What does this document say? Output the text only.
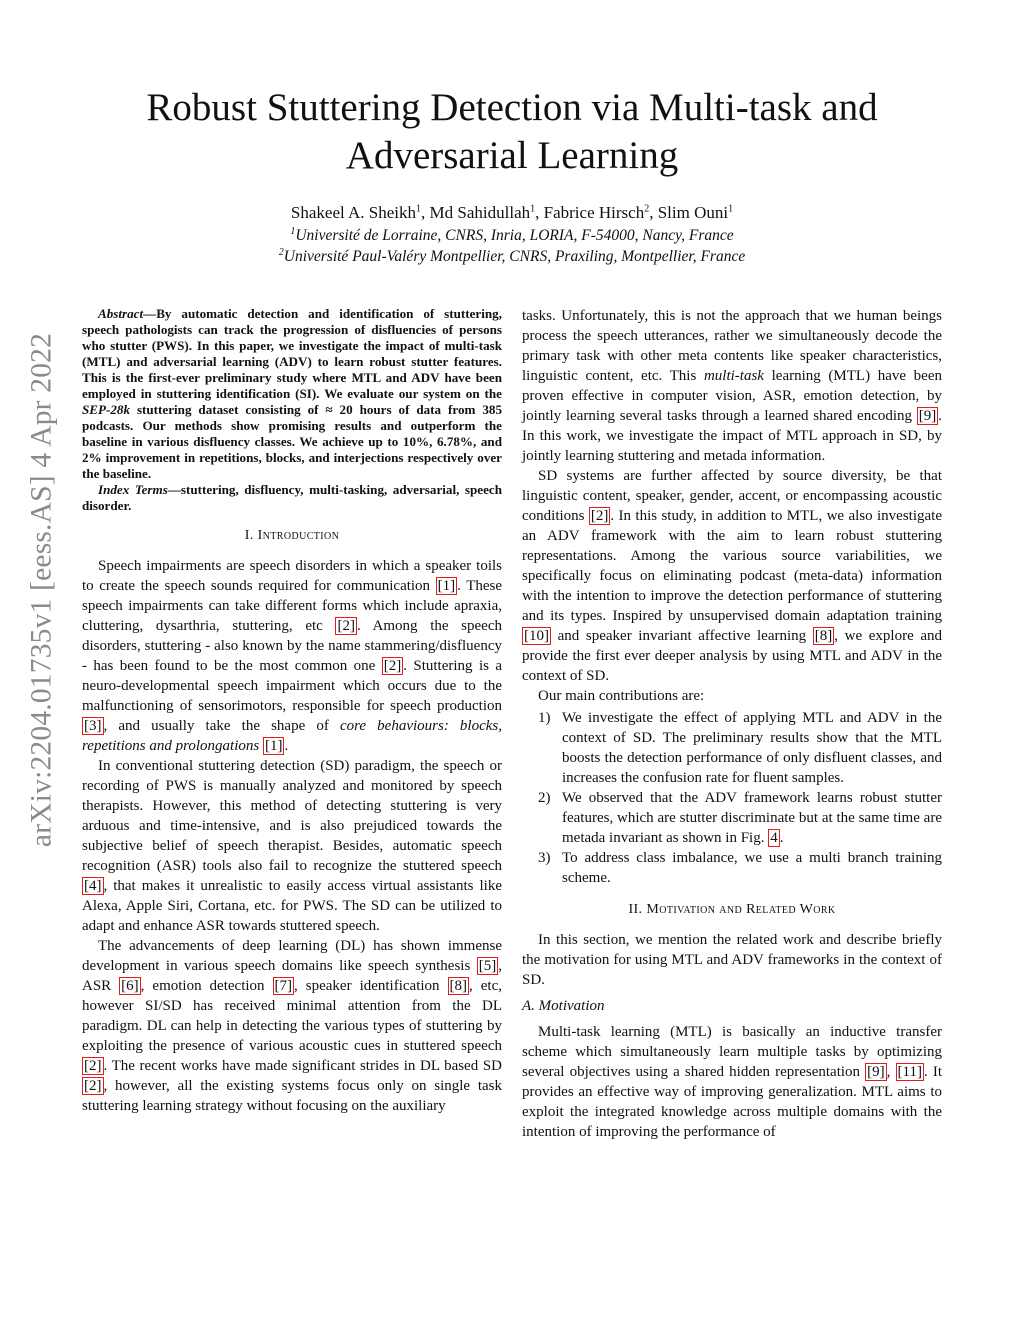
arXiv:2204.01735v1 [eess.AS] 4 Apr 2022
Robust Stuttering Detection via Multi-task and
Adversarial Learning
Shakeel A. Sheikh$^1$, Md Sahidullah$^1$, Fabrice Hirsch$^2$, Slim Ouni$^1$
$^1$Université de Lorraine, CNRS, Inria, LORIA, F-54000, Nancy, France
$^2$Université Paul-Valéry Montpellier, CNRS, Praxiling, Montpellier, France

Abstract—By automatic detection and identification of stuttering, speech pathologists can track the progression of disfluencies of persons who stutter (PWS). In this paper, we investigate the impact of multi-task (MTL) and adversarial learning (ADV) to learn robust stutter features. This is the first-ever preliminary study where MTL and ADV have been employed in stuttering identification (SI). We evaluate our system on the SEP-28k stuttering dataset consisting of ≈ 20 hours of data from 385 podcasts. Our methods show promising results and outperform the baseline in various disfluency classes. We achieve up to 10%, 6.78%, and 2% improvement in repetitions, blocks, and interjections respectively over the baseline.

Index Terms—stuttering, disfluency, multi-tasking, adversarial, speech disorder.

I. Introduction

Speech impairments are speech disorders in which a speaker toils to create the speech sounds required for communication [1] . These speech impairments can take different forms which include apraxia, cluttering, dysarthria, stuttering, etc [2] . Among the speech disorders, stuttering - also known by the name stammering/disfluency - has been found to be the most common one [2] . Stuttering is a neuro-developmental speech impairment which occurs due to the malfunctioning of sensorimotors, responsible for speech production [3] , and usually take the shape of core behaviours: blocks, repetitions and prolongations [1] .

In conventional stuttering detection (SD) paradigm, the speech or recording of PWS is manually analyzed and monitored by speech therapists. However, this method of detecting stuttering is very arduous and time-intensive, and is also prejudiced towards the subjective belief of speech therapist. Besides, automatic speech recognition (ASR) tools also fail to recognize the stuttered speech [4] , that makes it unrealistic to easily access virtual assistants like Alexa, Apple Siri, Cortana, etc. for PWS. The SD can be utilized to adapt and enhance ASR towards stuttered speech.

The advancements of deep learning (DL) has shown immense development in various speech domains like speech synthesis [5] , ASR [6] , emotion detection [7] , speaker identification [8] , etc, however SI/SD has received minimal attention from the DL paradigm. DL can help in detecting the various types of stuttering by exploiting the presence of various acoustic cues in stuttered speech [2] . The recent works have made significant strides in DL based SD [2] , however, all the existing systems focus only on single task stuttering learning strategy without focusing on the auxiliary

tasks. Unfortunately, this is not the approach that we human beings process the speech utterances, rather we simultaneously decode the primary task with other meta contents like speaker characteristics, linguistic content, etc. This multi-task learning (MTL) have been proven effective in computer vision, ASR, emotion detection, by jointly learning several tasks through a learned shared encoding [9] . In this work, we investigate the impact of MTL approach in SD, by jointly learning stuttering and metada information.

SD systems are further affected by source diversity, be that linguistic content, speaker, gender, accent, or encompassing acoustic conditions [2] . In this study, in addition to MTL, we also investigate an ADV framework with the aim to learn robust stuttering representations. Among the various source variabilities, we specifically focus on eliminating podcast (meta-data) information with the intention to improve the detection performance of stuttering and its types. Inspired by unsupervised domain adaptation training [10] and speaker invariant affective learning [8] , we explore and provide the first ever deeper analysis by using MTL and ADV in the context of SD.

Our main contributions are:

1) We investigate the effect of applying MTL and ADV in the context of SD. The preliminary results show that the MTL boosts the detection performance of only disfluent classes, and increases the confusion rate for fluent samples.
2) We observed that the ADV framework learns robust stutter features, which are stutter discriminate but at the same time are metada invariant as shown in Fig. 4 .
3) To address class imbalance, we use a multi branch training scheme.

II. Motivation and Related Work

In this section, we mention the related work and describe briefly the motivation for using MTL and ADV frameworks in the context of SD.

A. Motivation

Multi-task learning (MTL) is basically an inductive transfer scheme which simultaneously learn multiple tasks by optimizing several objectives using a shared hidden representation [9] , [11] . It provides an effective way of improving generalization. MTL aims to exploit the integrated knowledge across multiple domains with the intention of improving the performance of
